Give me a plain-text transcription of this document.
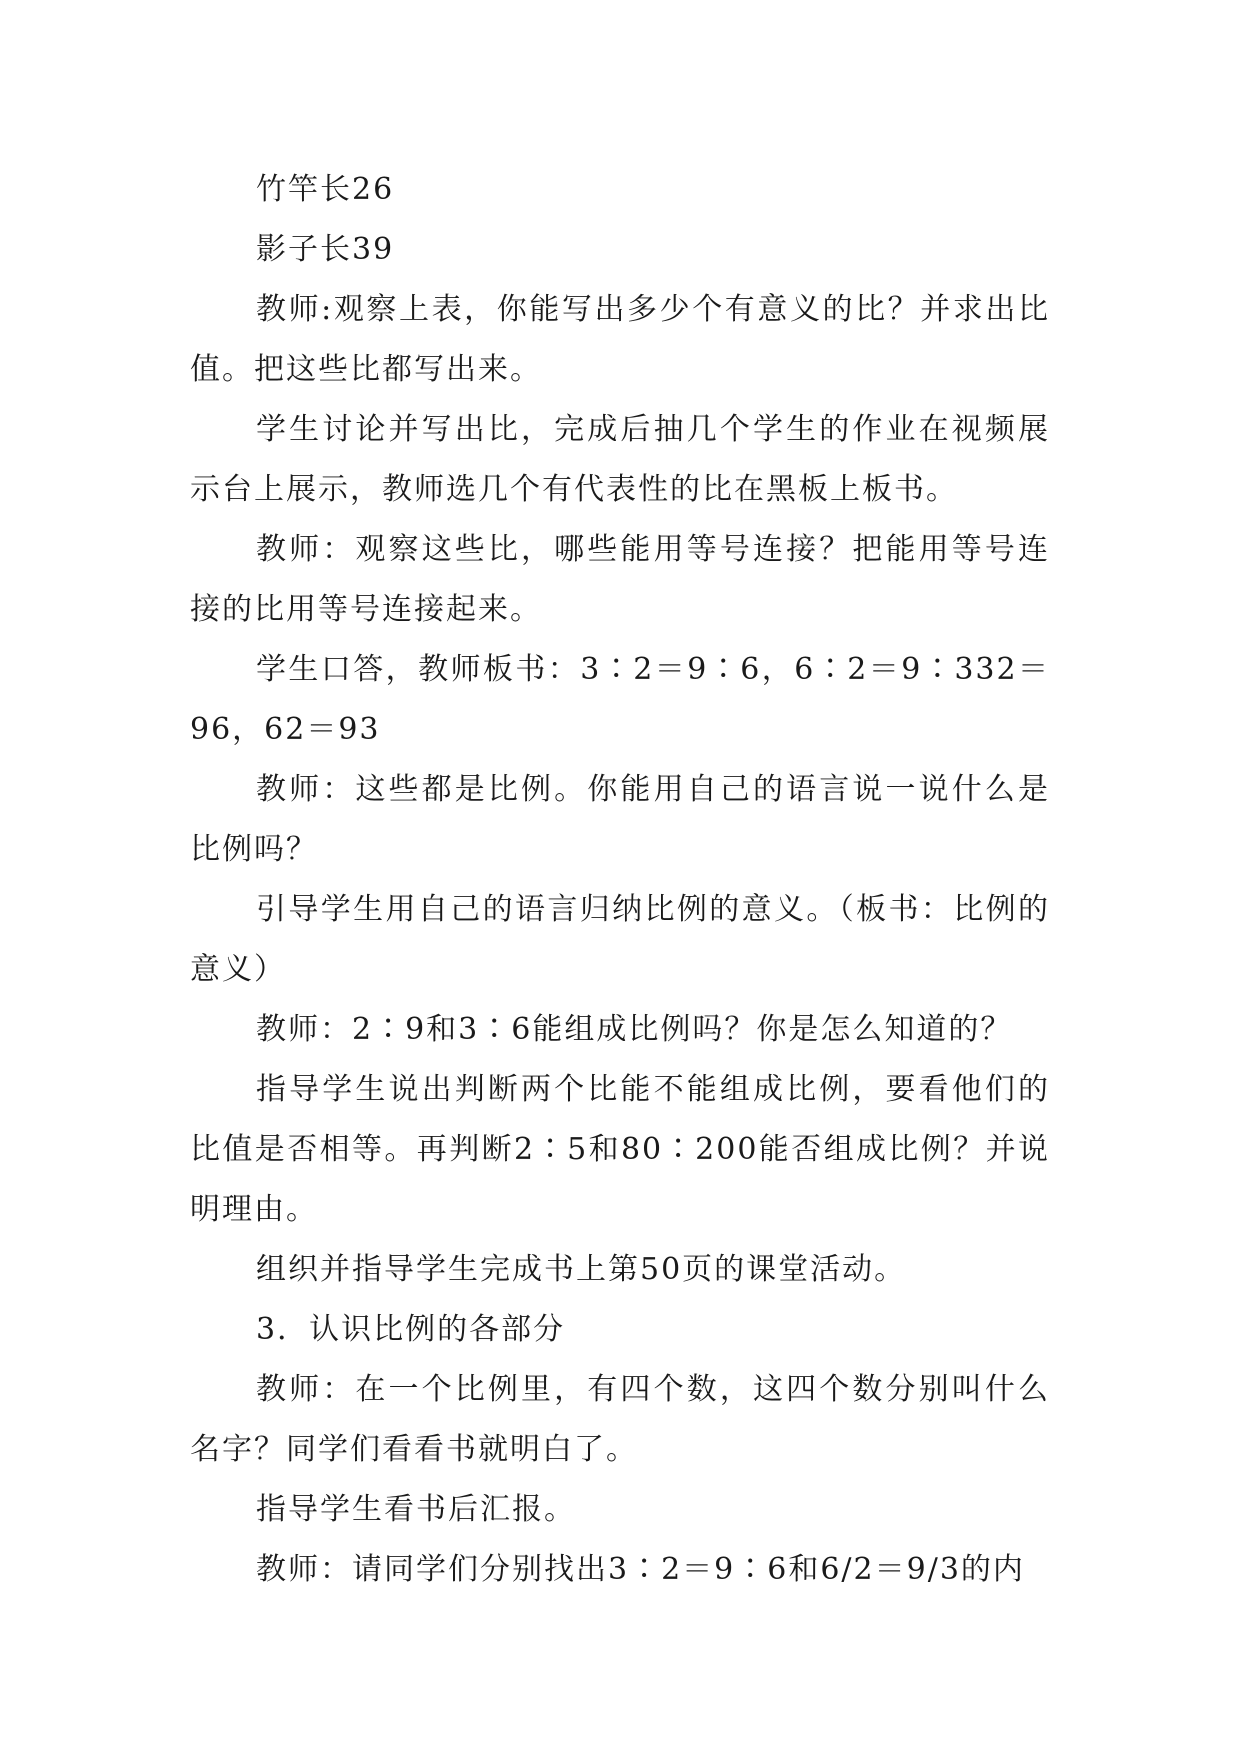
竹竿长26

影子长39

教师:观察上表，你能写出多少个有意义的比？并求出比值。把这些比都写出来。

学生讨论并写出比，完成后抽几个学生的作业在视频展示台上展示，教师选几个有代表性的比在黑板上板书。

教师：观察这些比，哪些能用等号连接？把能用等号连接的比用等号连接起来。

学生口答，教师板书：3∶2＝9∶6，6∶2＝9∶332＝96，62＝93

教师：这些都是比例。你能用自己的语言说一说什么是比例吗？

引导学生用自己的语言归纳比例的意义。（板书：比例的意义）

教师：2∶9和3∶6能组成比例吗？你是怎么知道的？

指导学生说出判断两个比能不能组成比例，要看他们的比值是否相等。再判断2∶5和80∶200能否组成比例？并说明理由。

组织并指导学生完成书上第50页的课堂活动。

3．认识比例的各部分

教师：在一个比例里，有四个数，这四个数分别叫什么名字？同学们看看书就明白了。

指导学生看书后汇报。

教师：请同学们分别找出3∶2＝9∶6和6/2＝9/3的内
